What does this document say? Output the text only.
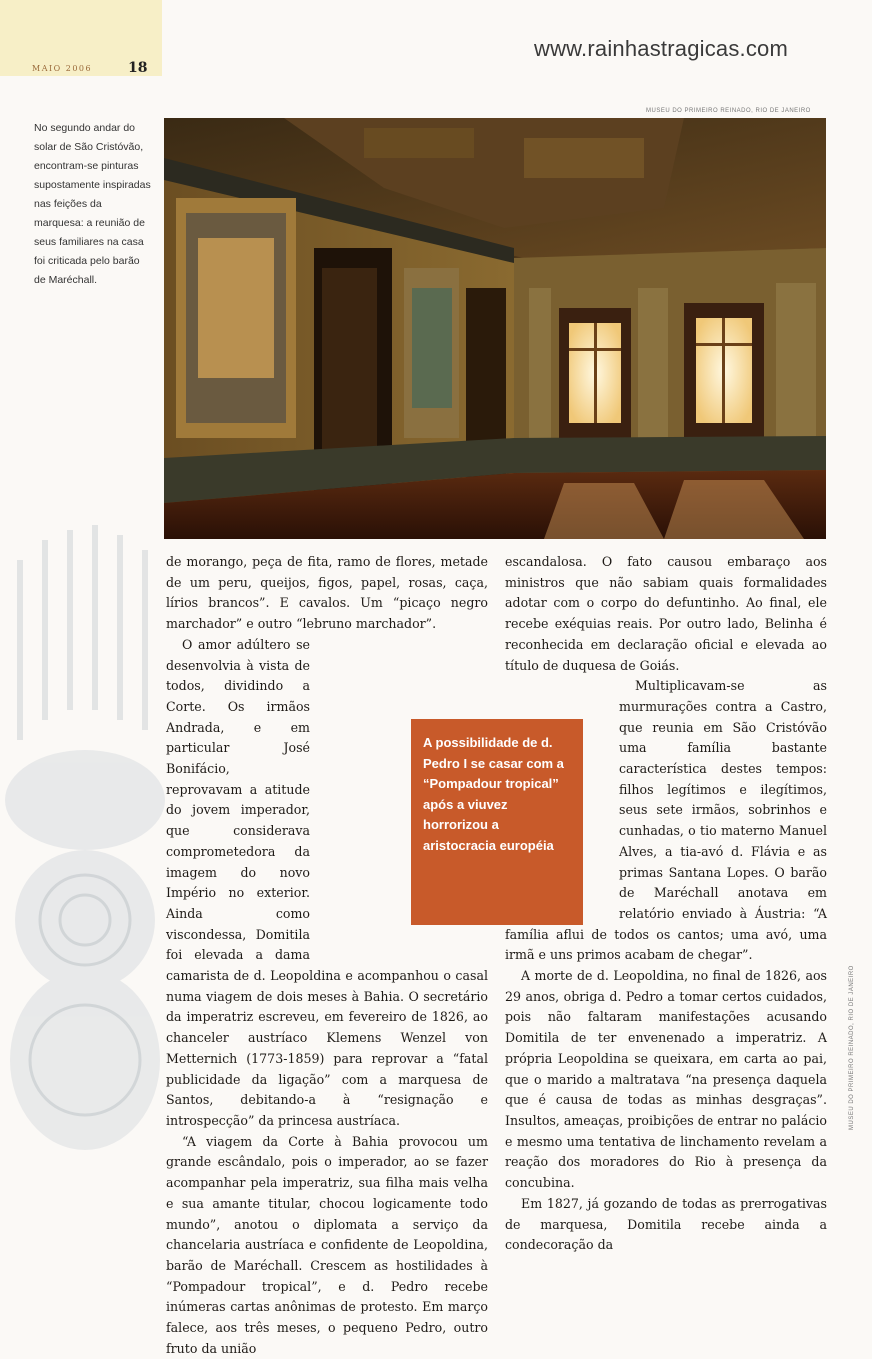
MAIO 2006	18
www.rainhastragicas.com
MUSEU DO PRIMEIRO REINADO, RIO DE JANEIRO
MUSEU DO PRIMEIRO REINADO, RIO DE JANEIRO
No segundo andar do solar de São Cristóvão, encontram-se pinturas supostamente inspiradas nas feições da marquesa: a reunião de seus familiares na casa foi criticada pelo barão de Maréchall.
A possibilidade de d. Pedro I se casar com a “Pompadour tropical” após a viuvez horrorizou a aristocracia européia

de morango, peça de fita, ramo de flores, metade de um peru, queijos, figos, papel, rosas, caça, lírios brancos”. E cavalos. Um “picaço negro marchador” e outro “lebruno marchador”.

O amor adúltero se desenvolvia à vista de todos, dividindo a Corte. Os irmãos Andrada, e em particular José Bonifácio, reprovavam a atitude do jovem imperador, que considerava comprometedora da imagem do novo Império no exterior. Ainda como viscondessa, Domitila foi elevada a dama camarista de d. Leopoldina e acompanhou o casal numa viagem de dois meses à Bahia. O secretário da imperatriz escreveu, em fevereiro de 1826, ao chanceler austríaco Klemens Wenzel von Metternich (1773-1859) para reprovar a “fatal publicidade da ligação” com a marquesa de Santos, debitando-a à “resignação e introspecção” da princesa austríaca.

“A viagem da Corte à Bahia provocou um grande escândalo, pois o imperador, ao se fazer acompanhar pela imperatriz, sua filha mais velha e sua amante titular, chocou logicamente todo mundo”, anotou o diplomata a serviço da chancelaria austríaca e confidente de Leopoldina, barão de Maréchall. Crescem as hostilidades à “Pompadour tropical”, e d. Pedro recebe inúmeras cartas anônimas de protesto. Em março falece, aos três meses, o pequeno Pedro, outro fruto da união

escandalosa. O fato causou embaraço aos ministros que não sabiam quais formalidades adotar com o corpo do defuntinho. Ao final, ele recebe exéquias reais. Por outro lado, Belinha é reconhecida em declaração oficial e elevada ao título de duquesa de Goiás.

Multiplicavam-se as murmurações contra a Castro, que reunia em São Cristóvão uma família bastante característica destes tempos: filhos legítimos e ilegítimos, seus sete irmãos, sobrinhos e cunhadas, o tio materno Manuel Alves, a tia-avó d. Flávia e as primas Santana Lopes. O barão de Maréchall anotava em relatório enviado à Áustria: “A família aflui de todos os cantos; uma avó, uma irmã e uns primos acabam de chegar”.

A morte de d. Leopoldina, no final de 1826, aos 29 anos, obriga d. Pedro a tomar certos cuidados, pois não faltaram manifestações acusando Domitila de ter envenenado a imperatriz. A própria Leopoldina se queixara, em carta ao pai, que o marido a maltratava “na presença daquela que é causa de todas as minhas desgraças”. Insultos, ameaças, proibições de entrar no palácio e mesmo uma tentativa de linchamento revelam a reação dos moradores do Rio à presença da concubina.

Em 1827, já gozando de todas as prerrogativas de marquesa, Domitila recebe ainda a condecoração da
